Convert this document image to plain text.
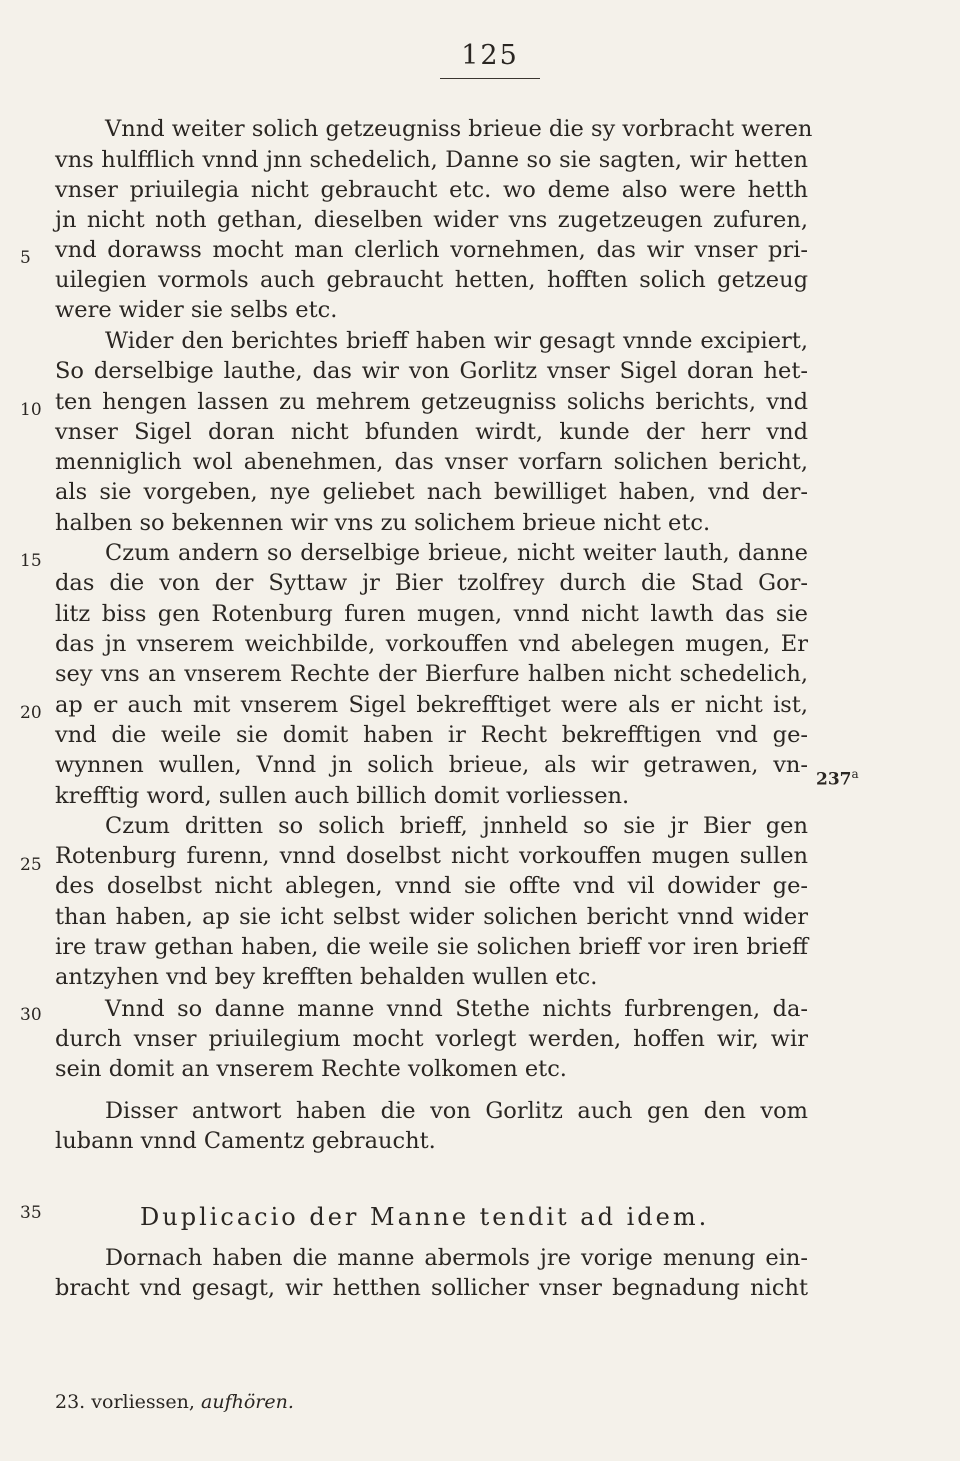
125
Vnnd weiter solich getzeugniss brieue die sy vorbracht weren
vns hulfflich vnnd jnn schedelich, Danne so sie sagten, wir hetten
vnser priuilegia nicht gebraucht etc. wo deme also were hetth
jn nicht noth gethan, dieselben wider vns zugetzeugen zufuren,
vnd dorawss mocht man clerlich vornehmen, das wir vnser pri-
uilegien vormols auch gebraucht hetten, hofften solich getzeug
were wider sie selbs etc.
Wider den berichtes brieff haben wir gesagt vnnde excipiert,
So derselbige lauthe, das wir von Gorlitz vnser Sigel doran het-
ten hengen lassen zu mehrem getzeugniss solichs berichts, vnd
vnser Sigel doran nicht bfunden wirdt, kunde der herr vnd
menniglich wol abenehmen, das vnser vorfarn solichen bericht,
als sie vorgeben, nye geliebet nach bewilliget haben, vnd der-
halben so bekennen wir vns zu solichem brieue nicht etc.
Czum andern so derselbige brieue, nicht weiter lauth, danne
das die von der Syttaw jr Bier tzolfrey durch die Stad Gor-
litz biss gen Rotenburg furen mugen, vnnd nicht lawth das sie
das jn vnserem weichbilde, vorkouffen vnd abelegen mugen, Er
sey vns an vnserem Rechte der Bierfure halben nicht schedelich,
ap er auch mit vnserem Sigel bekrefftiget were als er nicht ist,
vnd die weile sie domit haben ir Recht bekrefftigen vnd ge-
wynnen wullen, Vnnd jn solich brieue, als wir getrawen, vn-
krefftig word, sullen auch billich domit vorliessen.
Czum dritten so solich brieff, jnnheld so sie jr Bier gen
Rotenburg furenn, vnnd doselbst nicht vorkouffen mugen sullen
des doselbst nicht ablegen, vnnd sie offte vnd vil dowider ge-
than haben, ap sie icht selbst wider solichen bericht vnnd wider
ire traw gethan haben, die weile sie solichen brieff vor iren brieff
antzyhen vnd bey krefften behalden wullen etc.
Vnnd so danne manne vnnd Stethe nichts furbrengen, da-
durch vnser priuilegium mocht vorlegt werden, hoffen wir, wir
sein domit an vnserem Rechte volkomen etc.
Disser antwort haben die von Gorlitz auch gen den vom
lubann vnnd Camentz gebraucht.
Dornach haben die manne abermols jre vorige menung ein-
bracht vnd gesagt, wir hetthen sollicher vnser begnadung nicht
5
10
15
20
25
30
35
237$^a$
Duplicacio der Manne tendit ad idem.
23. vorliessen, aufhören.
